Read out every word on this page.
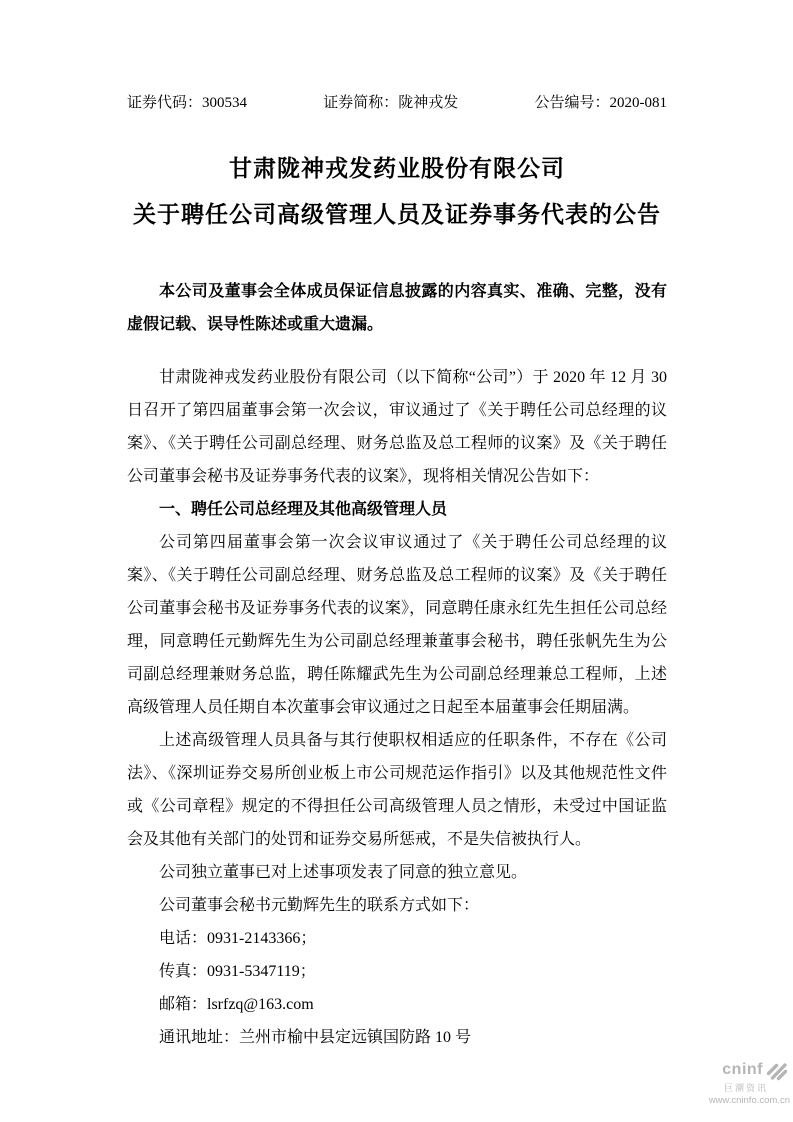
证券代码：300534	证券简称：陇神戎发	公告编号：2020-081

甘肃陇神戎发药业股份有限公司

关于聘任公司高级管理人员及证券事务代表的公告

本公司及董事会全体成员保证信息披露的内容真实、准确、完整，没有虚假记载、误导性陈述或重大遗漏。

甘肃陇神戎发药业股份有限公司（以下简称“公司”）于 2020 年 12 月 30 日召开了第四届董事会第一次会议，审议通过了《关于聘任公司总经理的议案》、《关于聘任公司副总经理、财务总监及总工程师的议案》及《关于聘任公司董事会秘书及证券事务代表的议案》，现将相关情况公告如下：

一、聘任公司总经理及其他高级管理人员

公司第四届董事会第一次会议审议通过了《关于聘任公司总经理的议案》、《关于聘任公司副总经理、财务总监及总工程师的议案》及《关于聘任公司董事会秘书及证券事务代表的议案》，同意聘任康永红先生担任公司总经理，同意聘任元勤辉先生为公司副总经理兼董事会秘书，聘任张帆先生为公司副总经理兼财务总监，聘任陈耀武先生为公司副总经理兼总工程师，上述高级管理人员任期自本次董事会审议通过之日起至本届董事会任期届满。

上述高级管理人员具备与其行使职权相适应的任职条件，不存在《公司法》、《深圳证券交易所创业板上市公司规范运作指引》以及其他规范性文件或《公司章程》规定的不得担任公司高级管理人员之情形，未受过中国证监会及其他有关部门的处罚和证券交易所惩戒，不是失信被执行人。

公司独立董事已对上述事项发表了同意的独立意见。

公司董事会秘书元勤辉先生的联系方式如下：

电话：0931-2143366；

传真：0931-5347119；

邮箱：lsrfzq@163.com

通讯地址：兰州市榆中县定远镇国防路 10 号

cninf
巨潮资讯
www.cninfo.com.cn
